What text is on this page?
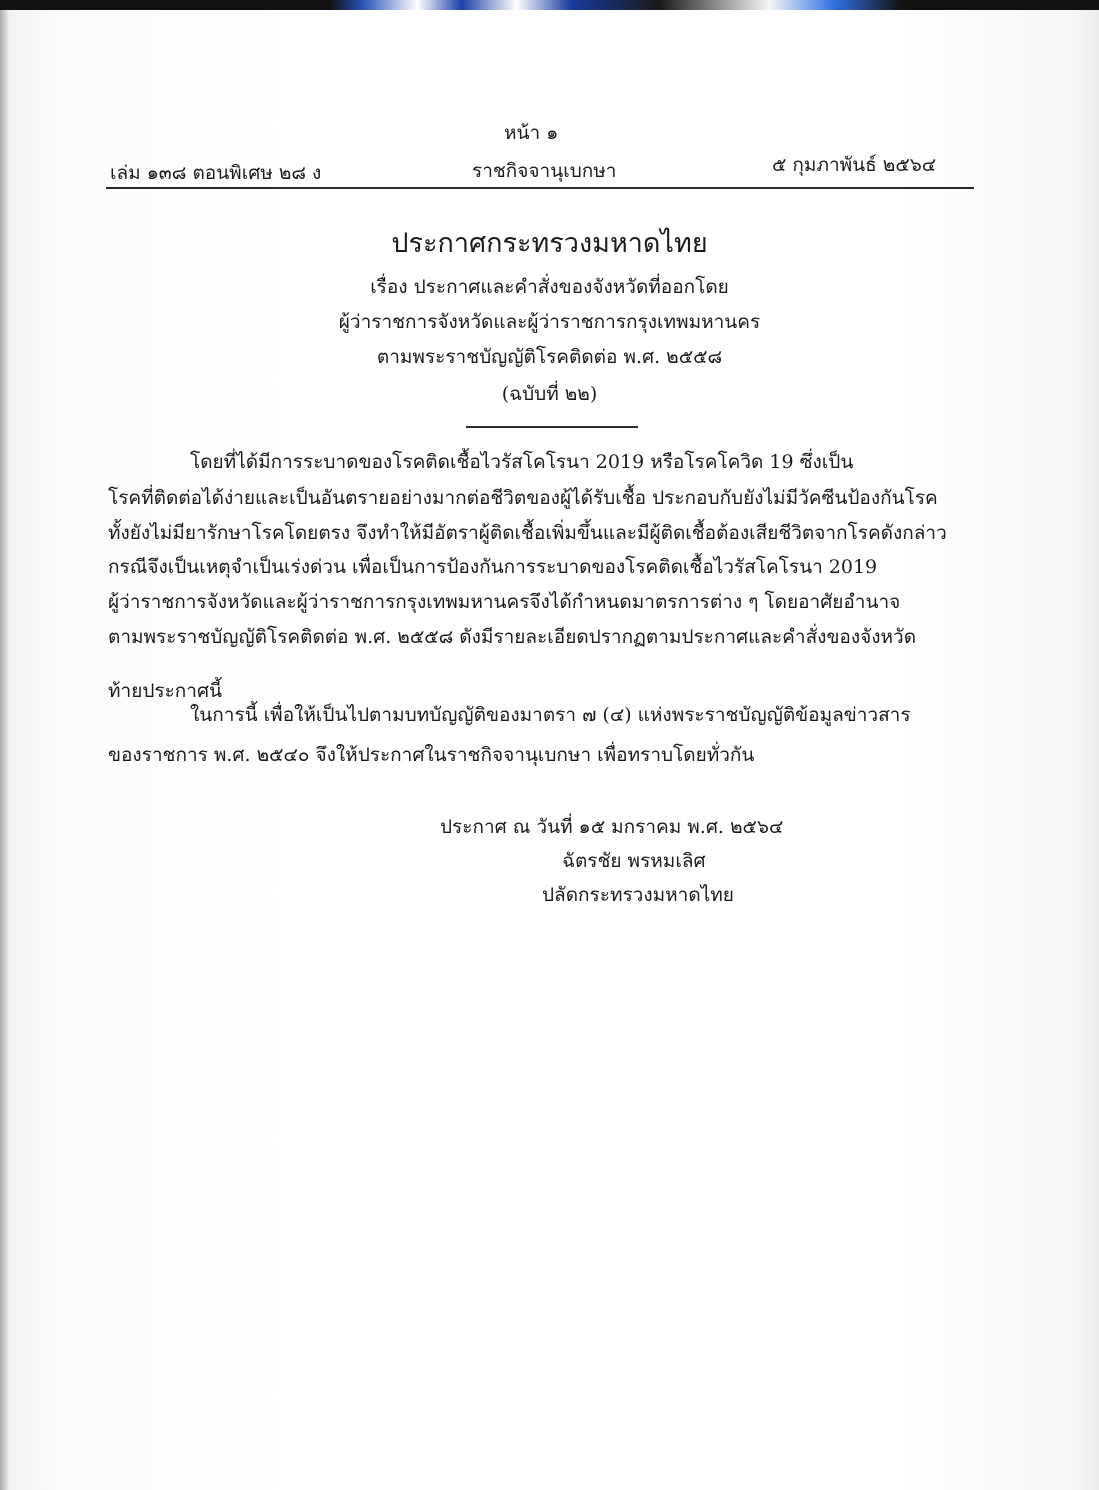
หน้า ๑
เล่ม ๑๓๘ ตอนพิเศษ ๒๘ ง	ราชกิจจานุเบกษา	๕ กุมภาพันธ์ ๒๕๖๔
ประกาศกระทรวงมหาดไทย
เรื่อง ประกาศและคำสั่งของจังหวัดที่ออกโดย
ผู้ว่าราชการจังหวัดและผู้ว่าราชการกรุงเทพมหานคร
ตามพระราชบัญญัติโรคติดต่อ พ.ศ. ๒๕๕๘
(ฉบับที่ ๒๒)
โดยที่ได้มีการระบาดของโรคติดเชื้อไวรัสโคโรนา 2019 หรือโรคโควิด 19 ซึ่งเป็น
โรคที่ติดต่อได้ง่ายและเป็นอันตรายอย่างมากต่อชีวิตของผู้ได้รับเชื้อ ประกอบกับยังไม่มีวัคซีนป้องกันโรค
ทั้งยังไม่มียารักษาโรคโดยตรง จึงทำให้มีอัตราผู้ติดเชื้อเพิ่มขึ้นและมีผู้ติดเชื้อต้องเสียชีวิตจากโรคดังกล่าว
กรณีจึงเป็นเหตุจำเป็นเร่งด่วน เพื่อเป็นการป้องกันการระบาดของโรคติดเชื้อไวรัสโคโรนา 2019
ผู้ว่าราชการจังหวัดและผู้ว่าราชการกรุงเทพมหานครจึงได้กำหนดมาตรการต่าง ๆ โดยอาศัยอำนาจ
ตามพระราชบัญญัติโรคติดต่อ พ.ศ. ๒๕๕๘ ดังมีรายละเอียดปรากฏตามประกาศและคำสั่งของจังหวัด
ท้ายประกาศนี้
ในการนี้ เพื่อให้เป็นไปตามบทบัญญัติของมาตรา ๗ (๔) แห่งพระราชบัญญัติข้อมูลข่าวสาร
ของราชการ พ.ศ. ๒๕๔๐ จึงให้ประกาศในราชกิจจานุเบกษา เพื่อทราบโดยทั่วกัน
ประกาศ ณ วันที่ ๑๕ มกราคม พ.ศ. ๒๕๖๔
ฉัตรชัย พรหมเลิศ
ปลัดกระทรวงมหาดไทย
